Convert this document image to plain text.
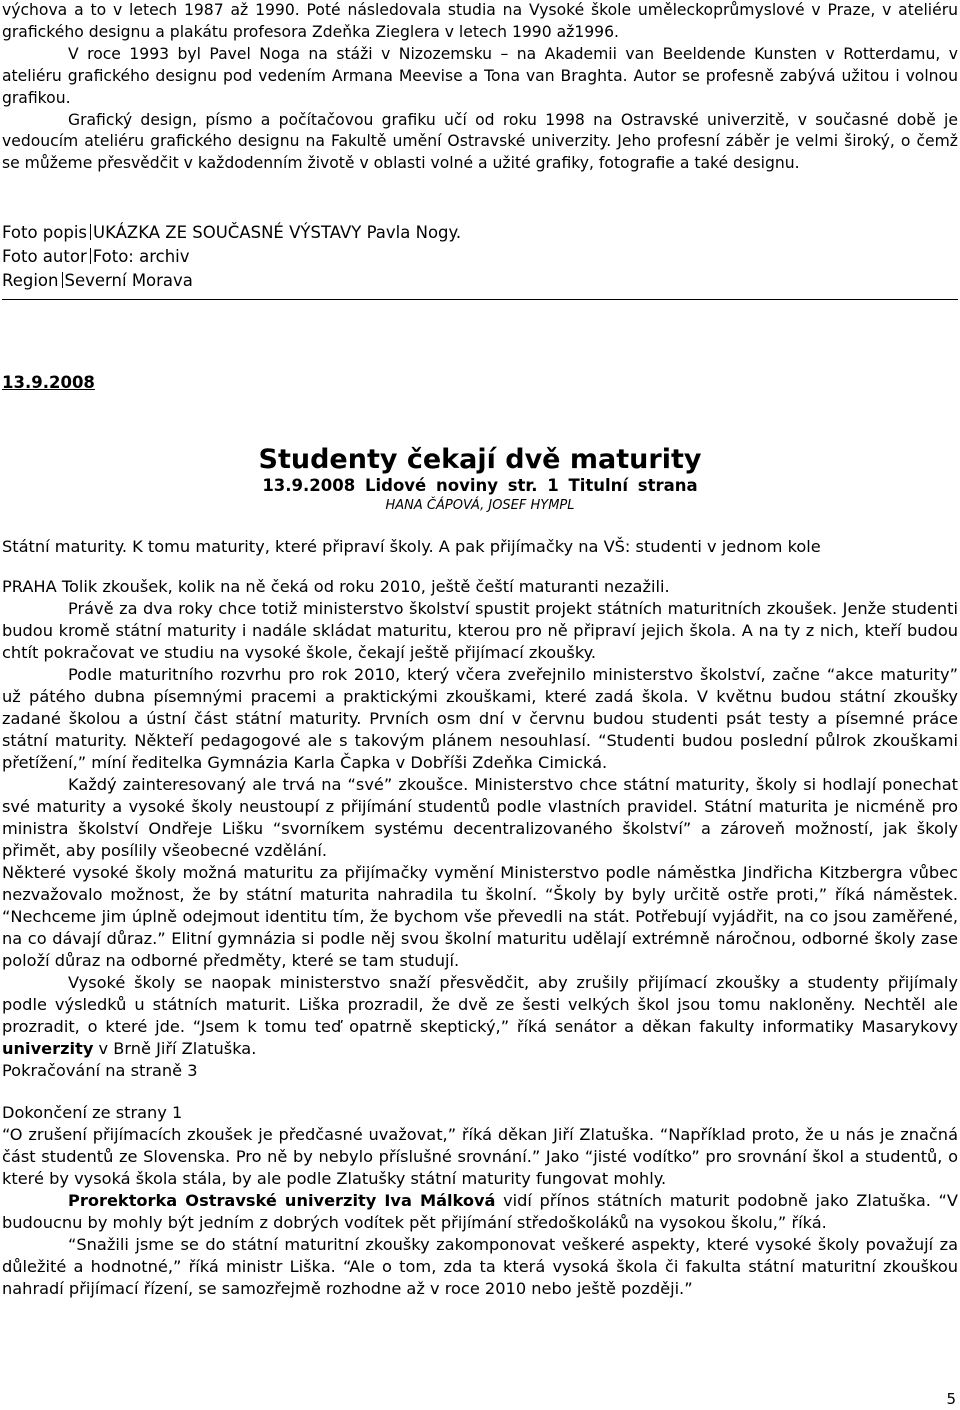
výchova a to v letech 1987 až 1990. Poté následovala studia na Vysoké škole uměleckoprůmyslové v Praze, v ateliéru grafického designu a plakátu profesora Zdeňka Zieglera v letech 1990 až1996.

V roce 1993 byl Pavel Noga na stáži v Nizozemsku – na Akademii van Beeldende Kunsten v Rotterdamu, v ateliéru grafického designu pod vedením Armana Meevise a Tona van Braghta. Autor se profesně zabývá užitou i volnou grafikou.

Grafický design, písmo a počítačovou grafiku učí od roku 1998 na Ostravské univerzitě, v současné době je vedoucím ateliéru grafického designu na Fakultě umění Ostravské univerzity. Jeho profesní záběr je velmi široký, o čemž se můžeme přesvědčit v každodenním životě v oblasti volné a užité grafiky, fotografie a také designu.

Foto popis UKÁZKA ZE SOUČASNÉ VÝSTAVY Pavla Nogy.
Foto autor Foto: archiv
Region Severní Morava
13.9.2008
Studenty čekají dvě maturity
13.9.2008 Lidové noviny str. 1 Titulní strana
HANA ČÁPOVÁ, JOSEF HYMPL

Státní maturity. K tomu maturity, které připraví školy. A pak přijímačky na VŠ: studenti v jednom kole

PRAHA Tolik zkoušek, kolik na ně čeká od roku 2010, ještě čeští maturanti nezažili.

Právě za dva roky chce totiž ministerstvo školství spustit projekt státních maturitních zkoušek. Jenže studenti budou kromě státní maturity i nadále skládat maturitu, kterou pro ně připraví jejich škola. A na ty z nich, kteří budou chtít pokračovat ve studiu na vysoké škole, čekají ještě přijímací zkoušky.

Podle maturitního rozvrhu pro rok 2010, který včera zveřejnilo ministerstvo školství, začne “akce maturity” už pátého dubna písemnými pracemi a praktickými zkouškami, které zadá škola. V květnu budou státní zkoušky zadané školou a ústní část státní maturity. Prvních osm dní v červnu budou studenti psát testy a písemné práce státní maturity. Někteří pedagogové ale s takovým plánem nesouhlasí. “Studenti budou poslední půlrok zkouškami přetížení,” míní ředitelka Gymnázia Karla Čapka v Dobříši Zdeňka Cimická.

Každý zainteresovaný ale trvá na “své” zkoušce. Ministerstvo chce státní maturity, školy si hodlají ponechat své maturity a vysoké školy neustoupí z přijímání studentů podle vlastních pravidel. Státní maturita je nicméně pro ministra školství Ondřeje Lišku “svorníkem systému decentralizovaného školství” a zároveň možností, jak školy přimět, aby posílily všeobecné vzdělání.

Některé vysoké školy možná maturitu za přijímačky vymění Ministerstvo podle náměstka Jindřicha Kitzbergra vůbec nezvažovalo možnost, že by státní maturita nahradila tu školní. “Školy by byly určitě ostře proti,” říká náměstek. “Nechceme jim úplně odejmout identitu tím, že bychom vše převedli na stát. Potřebují vyjádřit, na co jsou zaměřené, na co dávají důraz.” Elitní gymnázia si podle něj svou školní maturitu udělají extrémně náročnou, odborné školy zase položí důraz na odborné předměty, které se tam studují.

Vysoké školy se naopak ministerstvo snaží přesvědčit, aby zrušily přijímací zkoušky a studenty přijímaly podle výsledků u státních maturit. Liška prozradil, že dvě ze šesti velkých škol jsou tomu nakloněny. Nechtěl ale prozradit, o které jde. “Jsem k tomu teď opatrně skeptický,” říká senátor a děkan fakulty informatiky Masarykovy univerzity v Brně Jiří Zlatuška.

Pokračování na straně 3

Dokončení ze strany 1

“O zrušení přijímacích zkoušek je předčasné uvažovat,” říká děkan Jiří Zlatuška. “Například proto, že u nás je značná část studentů ze Slovenska. Pro ně by nebylo příslušné srovnání.” Jako “jisté vodítko” pro srovnání škol a studentů, o které by vysoká škola stála, by ale podle Zlatušky státní maturity fungovat mohly.

Prorektorka Ostravské univerzity Iva Málková vidí přínos státních maturit podobně jako Zlatuška. “V budoucnu by mohly být jedním z dobrých vodítek pět přijímání středoškoláků na vysokou školu,” říká.

“Snažili jsme se do státní maturitní zkoušky zakomponovat veškeré aspekty, které vysoké školy považují za důležité a hodnotné,” říká ministr Liška. “Ale o tom, zda ta která vysoká škola či fakulta státní maturitní zkouškou nahradí přijímací řízení, se samozřejmě rozhodne až v roce 2010 nebo ještě později.”

5
